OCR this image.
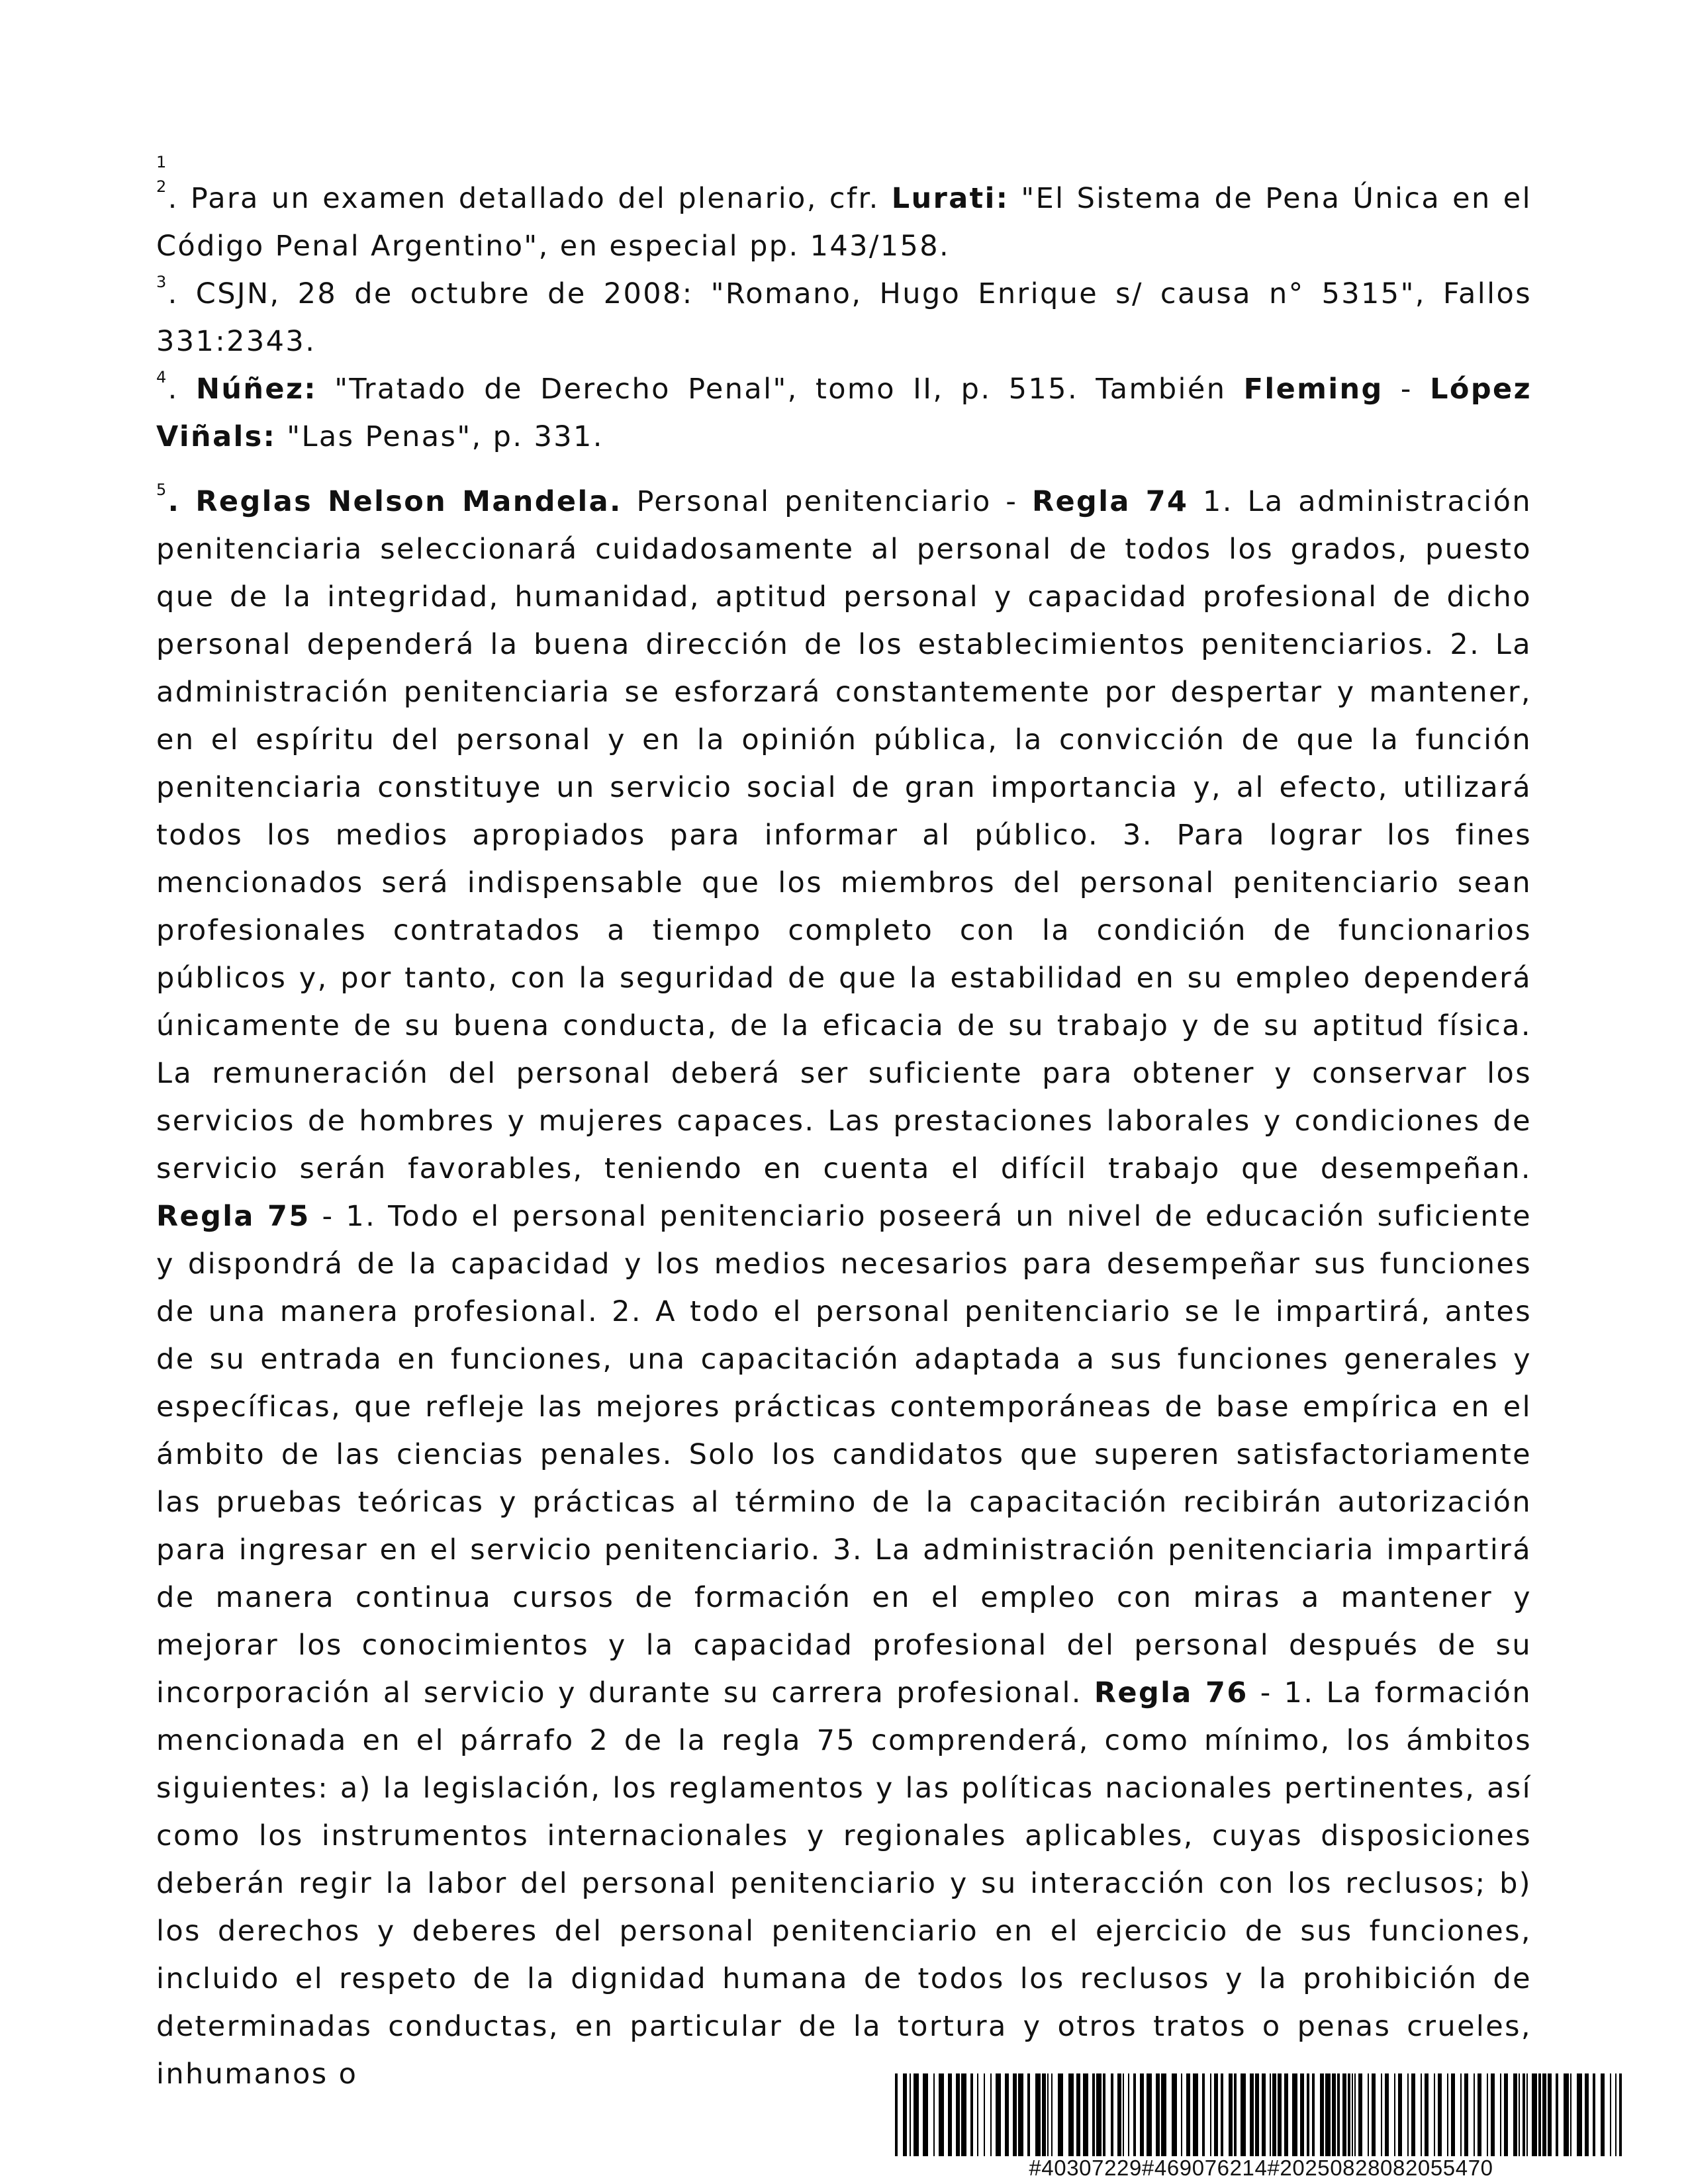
1

$^2$. Para un examen detallado del plenario, cfr. Lurati: "El Sistema de Pena Única en el Código Penal Argentino", en especial pp. 143/158.

$^3$. CSJN, 28 de octubre de 2008: "Romano, Hugo Enrique s/ causa n° 5315", Fallos 331:2343.

$^4$. Núñez: "Tratado de Derecho Penal", tomo II, p. 515. También Fleming - López Viñals: "Las Penas", p. 331.

$^5$. Reglas Nelson Mandela. Personal penitenciario - Regla 74 1. La administración penitenciaria seleccionará cuidadosamente al personal de todos los grados, puesto que de la integridad, humanidad, aptitud personal y capacidad profesional de dicho personal dependerá la buena dirección de los establecimientos penitenciarios. 2. La administración penitenciaria se esforzará constantemente por despertar y mantener, en el espíritu del personal y en la opinión pública, la convicción de que la función penitenciaria constituye un servicio social de gran importancia y, al efecto, utilizará todos los medios apropiados para informar al público. 3. Para lograr los fines mencionados será indispensable que los miembros del personal penitenciario sean profesionales contratados a tiempo completo con la condición de funcionarios públicos y, por tanto, con la seguridad de que la estabilidad en su empleo dependerá únicamente de su buena conducta, de la eficacia de su trabajo y de su aptitud física. La remuneración del personal deberá ser suficiente para obtener y conservar los servicios de hombres y mujeres capaces. Las prestaciones laborales y condiciones de servicio serán favorables, teniendo en cuenta el difícil trabajo que desempeñan. Regla 75 - 1. Todo el personal penitenciario poseerá un nivel de educación suficiente y dispondrá de la capacidad y los medios necesarios para desempeñar sus funciones de una manera profesional. 2. A todo el personal penitenciario se le impartirá, antes de su entrada en funciones, una capacitación adaptada a sus funciones generales y específicas, que refleje las mejores prácticas contemporáneas de base empírica en el ámbito de las ciencias penales. Solo los candidatos que superen satisfactoriamente las pruebas teóricas y prácticas al término de la capacitación recibirán autorización para ingresar en el servicio penitenciario. 3. La administración penitenciaria impartirá de manera continua cursos de formación en el empleo con miras a mantener y mejorar los conocimientos y la capacidad profesional del personal después de su incorporación al servicio y durante su carrera profesional. Regla 76 - 1. La formación mencionada en el párrafo 2 de la regla 75 comprenderá, como mínimo, los ámbitos siguientes: a) la legislación, los reglamentos y las políticas nacionales pertinentes, así como los instrumentos internacionales y regionales aplicables, cuyas disposiciones deberán regir la labor del personal penitenciario y su interacción con los reclusos; b) los derechos y deberes del personal penitenciario en el ejercicio de sus funciones, incluido el respeto de la dignidad humana de todos los reclusos y la prohibición de determinadas conductas, en particular de la tortura y otros tratos o penas crueles, inhumanos o

#40307229#469076214#20250828082055470
